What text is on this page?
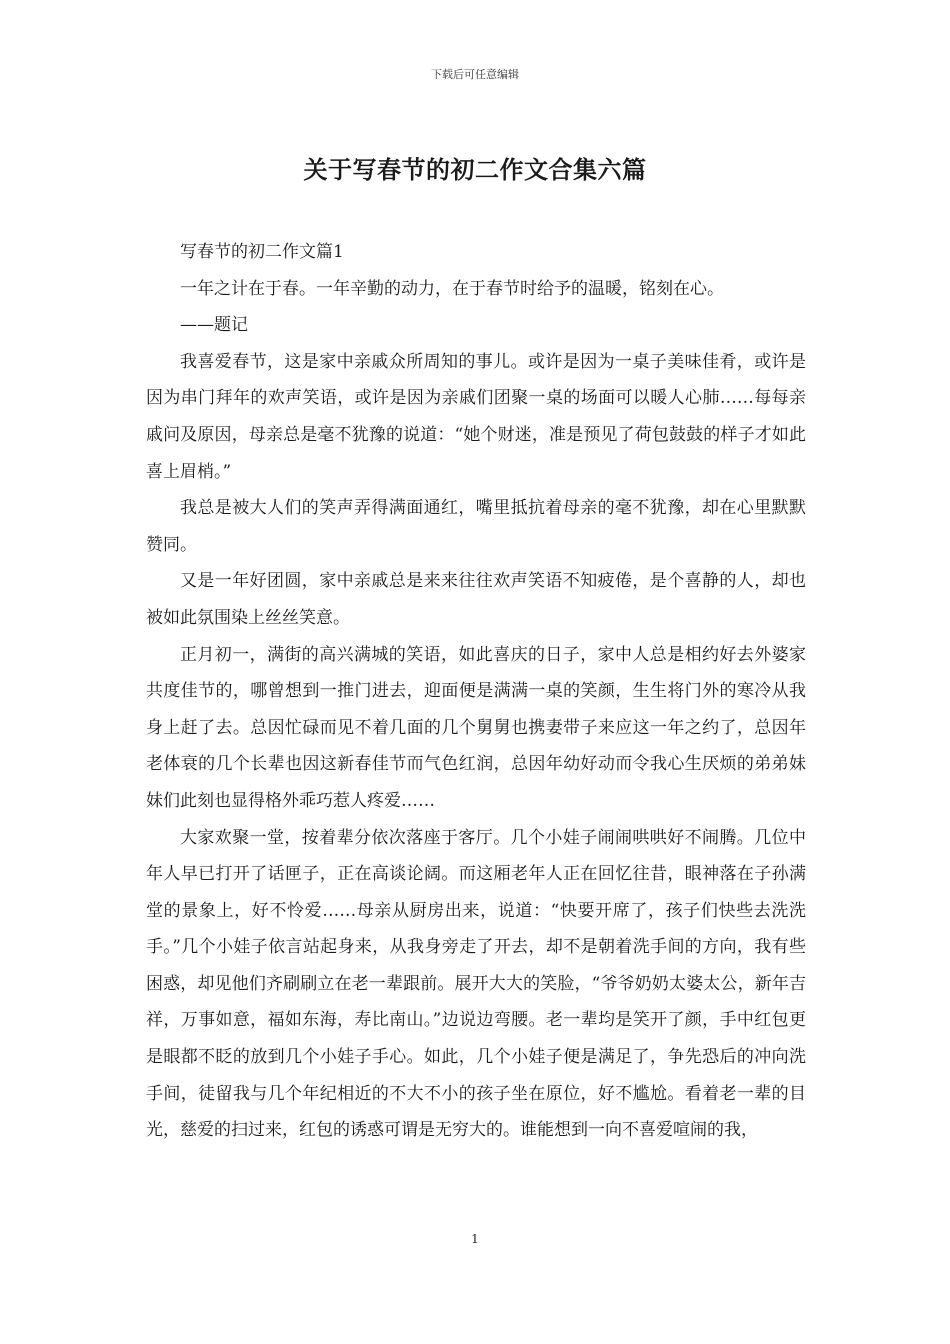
下载后可任意编辑
关于写春节的初二作文合集六篇

写春节的初二作文篇1

一年之计在于春。一年辛勤的动力，在于春节时给予的温暖，铭刻在心。

——题记

我喜爱春节，这是家中亲戚众所周知的事儿。或许是因为一桌子美味佳肴，或许是因为串门拜年的欢声笑语，或许是因为亲戚们团聚一桌的场面可以暖人心肺……每每亲戚问及原因，母亲总是毫不犹豫的说道：“她个财迷，准是预见了荷包鼓鼓的样子才如此喜上眉梢。”

我总是被大人们的笑声弄得满面通红，嘴里抵抗着母亲的毫不犹豫，却在心里默默赞同。

又是一年好团圆，家中亲戚总是来来往往欢声笑语不知疲倦，是个喜静的人，却也被如此氛围染上丝丝笑意。

正月初一，满街的高兴满城的笑语，如此喜庆的日子，家中人总是相约好去外婆家共度佳节的，哪曾想到一推门进去，迎面便是满满一桌的笑颜，生生将门外的寒冷从我身上赶了去。总因忙碌而见不着几面的几个舅舅也携妻带子来应这一年之约了，总因年老体衰的几个长辈也因这新春佳节而气色红润，总因年幼好动而令我心生厌烦的弟弟妹妹们此刻也显得格外乖巧惹人疼爱……

大家欢聚一堂，按着辈分依次落座于客厅。几个小娃子闹闹哄哄好不闹腾。几位中年人早已打开了话匣子，正在高谈论阔。而这厢老年人正在回忆往昔，眼神落在子孙满堂的景象上，好不怜爱……母亲从厨房出来，说道：“快要开席了，孩子们快些去洗洗手。”几个小娃子依言站起身来，从我身旁走了开去，却不是朝着洗手间的方向，我有些困惑，却见他们齐刷刷立在老一辈跟前。展开大大的笑脸，“爷爷奶奶太婆太公，新年吉祥，万事如意，福如东海，寿比南山。”边说边弯腰。老一辈均是笑开了颜，手中红包更是眼都不眨的放到几个小娃子手心。如此，几个小娃子便是满足了，争先恐后的冲向洗手间，徒留我与几个年纪相近的不大不小的孩子坐在原位，好不尴尬。看着老一辈的目光，慈爱的扫过来，红包的诱惑可谓是无穷大的。谁能想到一向不喜爱喧闹的我，

1
